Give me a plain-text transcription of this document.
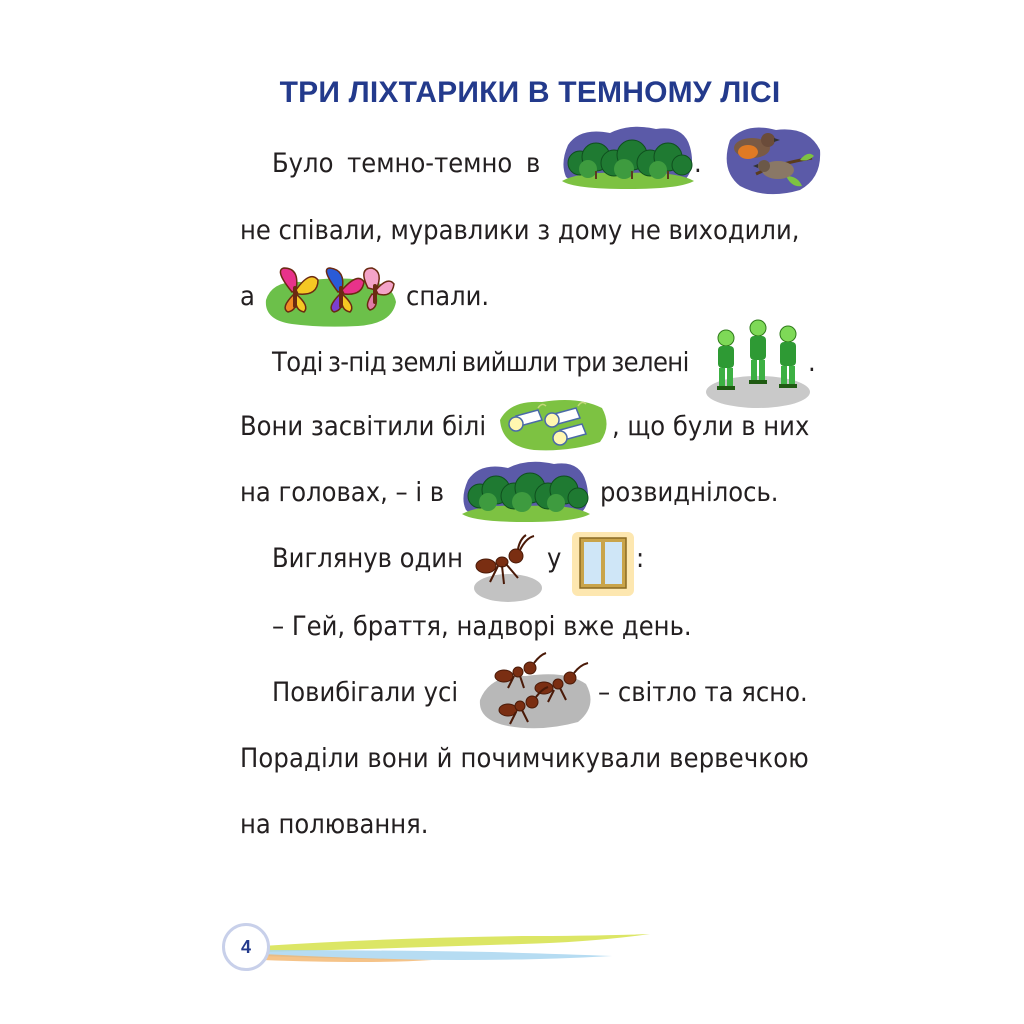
ТРИ ЛІХТАРИКИ В ТЕМНОМУ ЛІСІ
Було темно-темно в	.
не співали, муравлики з дому не виходили,
а	спали.
Тоді з-під землі вийшли три зелені	.
Вони засвітили білі	, що були в них
на головах, – і в	розвиднілось.
Виглянув один	у	:
– Гей, браття, надворі вже день.
Повибігали усі	– світло та ясно.
Пораділи вони й почимчикували вервечкою
на полювання.
4
